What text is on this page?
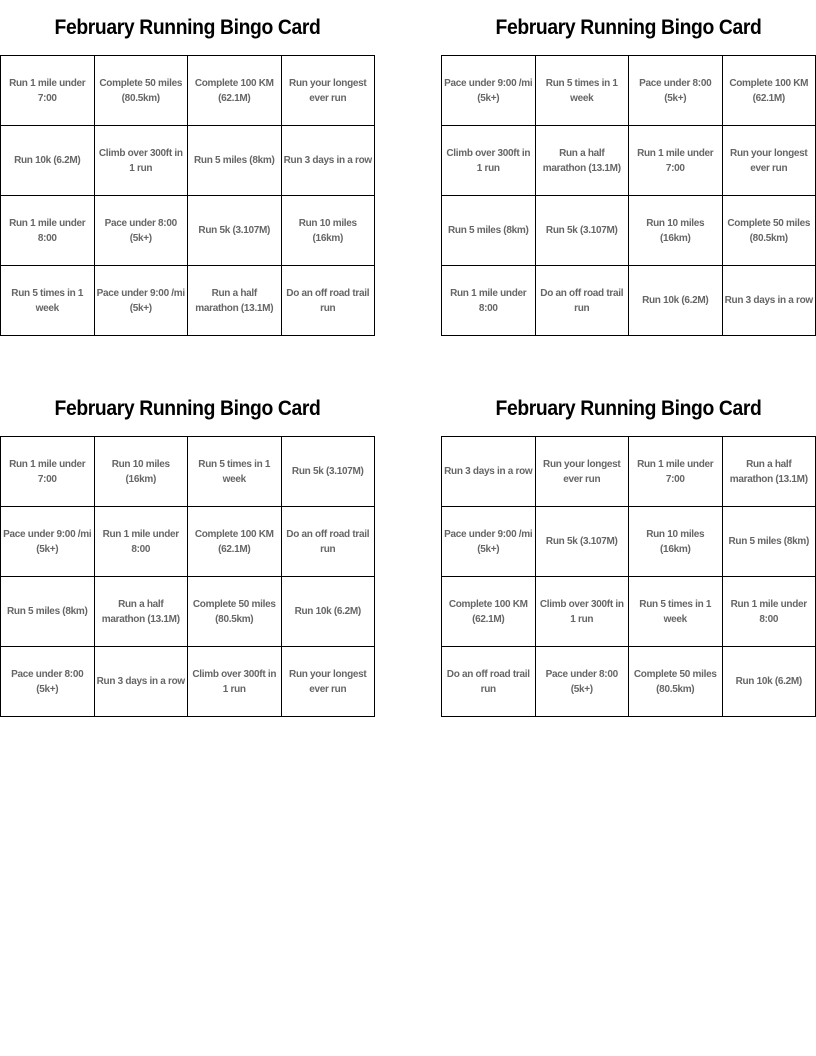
February Running Bingo Card
Run 1 mile under 7:00
Complete 50 miles (80.5km)
Complete 100 KM (62.1M)
Run your longest ever run
Run 10k (6.2M)
Climb over 300ft in 1 run
Run 5 miles (8km) Run 3 days in a row
Run 1 mile under 8:00
Pace under 8:00 (5k+)
Run 5k (3.107M)
Run 10 miles (16km)
Run 5 times in 1 week
Pace under 9:00 /mi (5k+)
Run a half marathon (13.1M)
Do an off road trail run
February Running Bingo Card
Pace under 9:00 /mi (5k+)
Run 5 times in 1 week
Pace under 8:00 (5k+)
Complete 100 KM (62.1M)
Climb over 300ft in 1 run
Run a half marathon (13.1M)
Run 1 mile under 7:00
Run your longest ever run
Run 5 miles (8km)	Run 5k (3.107M)
Run 10 miles (16km)
Complete 50 miles (80.5km)
Run 1 mile under 8:00
Do an off road trail run
Run 10k (6.2M)	Run 3 days in a row
February Running Bingo Card
Run 1 mile under 7:00
Run 10 miles (16km)
Run 5 times in 1 week
Run 5k (3.107M)
Pace under 9:00 /mi (5k+)
Run 1 mile under 8:00
Complete 100 KM (62.1M)
Do an off road trail run
Run 5 miles (8km)
Run a half marathon (13.1M)
Complete 50 miles (80.5km)
Run 10k (6.2M)
Pace under 8:00 (5k+)
Run 3 days in a row
Climb over 300ft in 1 run
Run your longest ever run
February Running Bingo Card
Run 3 days in a row
Run your longest ever run
Run 1 mile under 7:00
Run a half marathon (13.1M)
Pace under 9:00 /mi (5k+)
Run 5k (3.107M)
Run 10 miles (16km)
Run 5 miles (8km)
Complete 100 KM (62.1M)
Climb over 300ft in 1 run
Run 5 times in 1 week
Run 1 mile under 8:00
Do an off road trail run
Pace under 8:00 (5k+)
Complete 50 miles (80.5km)
Run 10k (6.2M)
